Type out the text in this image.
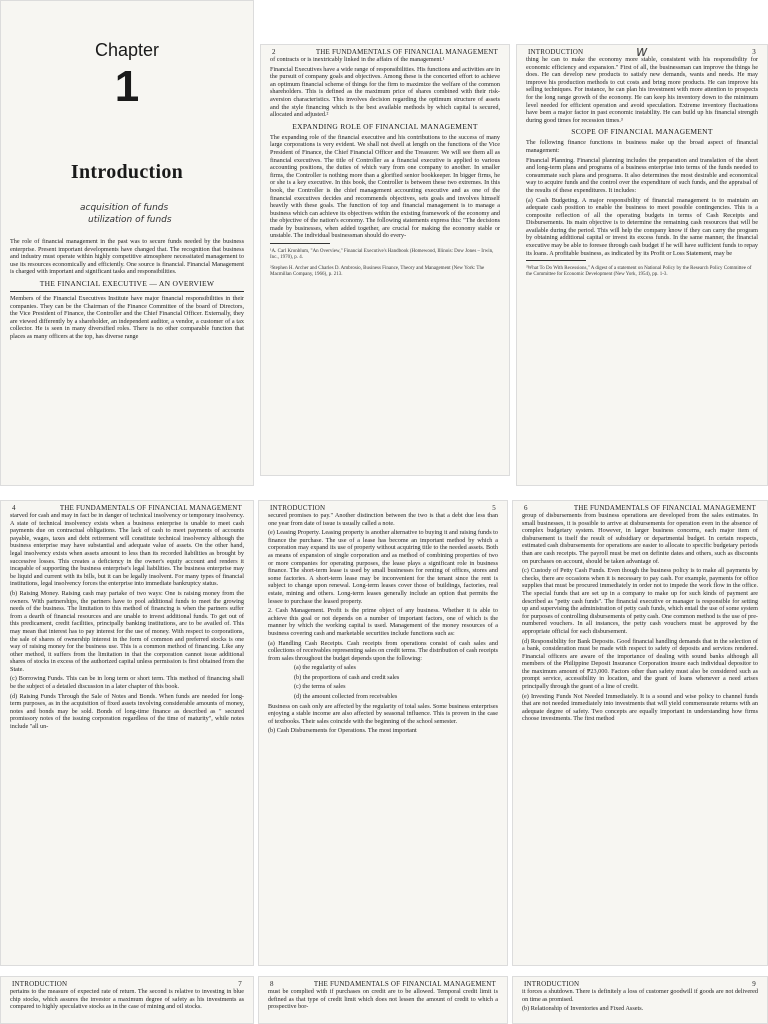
Chapter
1
Introduction
acquisition of funds
utilization of funds

The role of financial management in the past was to secure funds needed by the business enterprise. Present important developments have changed that. The recognition that business and industry must operate within highly competitive atmosphere necessitated management to use its resources economically and efficiently. One source is financial. Financial Management is charged with important and significant tasks and responsibilities.

THE FINANCIAL EXECUTIVE — AN OVERVIEW

Members of the Financial Executives Institute have major financial responsibilities in their companies. They can be the Chairman of the Finance Committee of the board of Directors, the Vice President of Finance, the Controller and the Chief Financial Officer. Externally, they are viewed differently by a shareholder, an independent auditor, a vendor, a customer of a tax collector. He is seen in many diversified roles. There is no other comparable function that places as many officers at the top, has diverse range

2	THE FUNDAMENTALS OF FINANCIAL MANAGEMENT

of contracts or is inextricably linked in the affairs of the management.¹

Financial Executives have a wide range of responsibilities. His functions and activities are in the pursuit of company goals and objectives. Among these is the concerted effort to achieve an optimum financial scheme of things for the firm to maximize the welfare of the common shareholders. This is defined as the maximum price of shares combined with their risk-aversion characteristics. This involves decision regarding the optimum structure of assets and the style financing which is the best available methods by which capital is secured, allocated and adjusted.²

EXPANDING ROLE OF FINANCIAL MANAGEMENT

The expanding role of the financial executive and his contributions to the success of many large corporations is very evident. We shall not dwell at length on the functions of the Vice President of Finance, the Chief Financial Officer and the Treasurer. We will see them all as financial executives. The title of Controller as a financial executive is applied to various accounting positions, the duties of which vary from one company to another. In smaller firms, the Controller is nothing more than a glorified senior bookkeeper. In bigger firms, he or she is a key executive. In this book, the Controller is between these two extremes. In this book, the Controller is the chief management accounting executive and as one of the financial executives decides and recommends objectives, sets goals and involves himself heavily with these goals. The function of top and financial management is to manage a business which can achieve its objectives within the existing framework of the economy and the objective of the nation's economy. The following statements express this: "The decisions made by businesses, when added together, are crucial for making the economy stable or unstable. The individual businessman should do every-

¹A. Carl Kronblum, "An Overview," Financial Executive's Handbook (Homewood, Illinois: Dow Jones – Irwin, Inc., 1970), p. 4.

²Stephen H. Archer and Charles D. Ambrosio, Business Finance, Theory and Management (New York: The Macmillan Company, 1966), p. 213.

INTRODUCTION	3
w

thing he can to make the economy more stable, consistent with his responsibility for economic efficiency and expansion." First of all, the businessman can improve the things he does. He can develop new products to satisfy new demands, wants and needs. He may improve his production methods to cut costs and bring more products. He can improve his selling techniques. For instance, he can plan his investment with more attention to prospects for the long range growth of the economy. He can keep his inventory down to the minimum level needed for efficient operation and avoid speculation. Extreme inventory fluctuations have been a major factor in past economic instability. He can build up his financial strength during good times for recession times.³

SCOPE OF FINANCIAL MANAGEMENT

The following finance functions in business make up the broad aspect of financial management:

Financial Planning. Financial planning includes the preparation and translation of the short and long-term plans and programs of a business enterprise into terms of the funds needed to consummate such plans and programs. It also determines the most desirable and economical way to acquire funds and the control over the expenditure of such funds, and the appraisal of the results of these expenditures. It includes:

(a) Cash Budgeting. A major responsibility of financial management is to maintain an adequate cash position to enable the business to meet possible contingencies. This is a composite reflection of all the operating budgets in terms of Cash Receipts and Disbursements. Its main objective is to determine the remaining cash resources that will be available during the period. This will help the company know if they can carry the program by obtaining additional capital or invest its excess funds. In the same manner, the financial executive may be able to foresee through cash budget if he will have sufficient funds to repay its loans. A profitable business, as indicated by its Profit or Loss Statement, may be

³What To Do With Recessions," A digest of a statement on National Policy by the Research Policy Committee of the Committee for Economic Development (New York, 1954), pp. 1-3.

4	THE FUNDAMENTALS OF FINANCIAL MANAGEMENT

starved for cash and may in fact be in danger of technical insolvency or temporary insolvency. A state of technical insolvency exists when a business enterprise is unable to meet cash payments due on contractual obligations. The lack of cash to meet payments of accounts payable, wages, taxes and debt retirement will constitute technical insolvency although the business enterprise may have substantial and adequate value of assets. On the other hand, legal insolvency exists when assets amount to less than its recorded liabilities as brought by successive losses. This creates a deficiency in the owner's equity account and renders it incapable of supporting the business enterprise's legal liabilities. The business enterprise may be liquid and current with its bills, but it can be legally insolvent. For many types of financial institutions, legal insolvency forces the enterprise into immediate bankruptcy status.

(b) Raising Money. Raising cash may partake of two ways: One is raising money from the owners. With partnerships, the partners have to pool additional funds to meet the growing needs of the business. The limitation to this method of financing is when the partners suffer from a dearth of financial resources and are unable to invest additional funds. To get out of this predicament, credit facilities, principally banking institutions, are to be availed of. This may mean that interest has to pay interest for the use of money. With respect to corporations, the sale of shares of ownership interest in the form of common and preferred stocks is one way of raising money for the business use. This is a common method of financing. Like any other method, it suffers from the limitation in that the corporation cannot issue additional shares of stocks in excess of the authorized capital unless permission is first obtained from the State.

(c) Borrowing Funds. This can be in long term or short term. This method of financing shall be the subject of a detailed discussion in a later chapter of this book.

(d) Raising Funds Through the Sale of Notes and Bonds. When funds are needed for long-term purposes, as in the acquisition of fixed assets involving considerable amounts of money, notes and bonds may be sold. Bonds of long-time finance as described as " secured promissory notes of the issuing corporation regardless of the time of maturity", while notes include "all un-

INTRODUCTION	5

secured promises to pay." Another distinction between the two is that a debt due less than one year from date of issue is usually called a note.

(e) Leasing Property. Leasing property is another alternative to buying it and raising funds to finance the purchase. The use of a lease has become an important method by which a corporation may expand its use of property without acquiring title to the needed assets. Both as means of expansion of single corporation and as method of combining properties of two or more companies for operating purposes, the lease plays a significant role in business finance. The short-term lease is used by small businesses for renting of offices, stores and some factories. A short-term lease may be inconvenient for the tenant since the rent is subject to change upon renewal. Long-term leases cover those of buildings, factories, real estate, mining and others. Long-term leases generally include an option that permits the lessee to purchase the leased property.

2. Cash Management. Profit is the prime object of any business. Whether it is able to achieve this goal or not depends on a number of important factors, one of which is the manner by which the working capital is used. Management of the money resources of a business covering cash and marketable securities include functions such as:

(a) Handling Cash Receipts. Cash receipts from operations consist of cash sales and collections of receivables representing sales on credit terms. The distribution of cash receipts from sales throughout the budget depends upon the following:

(a) the regularity of sales
(b) the proportions of cash and credit sales
(c) the terms of sales
(d) the amount collected from receivables

Business on cash only are affected by the regularity of total sales. Some business enterprises enjoying a stable income are also affected by seasonal influence. This is proven in the case of textbooks. Their sales coincide with the beginning of the school semester.

(b) Cash Disbursements for Operations. The most important

6	THE FUNDAMENTALS OF FINANCIAL MANAGEMENT

group of disbursements from business operations are developed from the sales estimates. In small businesses, it is possible to arrive at disbursements for operation even in the absence of complex budgetary system. However, in larger business concerns, each major item of disbursement is itself the result of subsidiary or departmental budget. In certain respects, estimated cash disbursements for operations are easier to allocate to specific budgetary periods than are cash receipts. The payroll must be met on definite dates and others, such as discounts on purchases on account, should be taken advantage of.

(c) Custody of Petty Cash Funds. Even though the business policy is to make all payments by checks, there are occasions when it is necessary to pay cash. For example, payments for office supplies that must be procured immediately in order not to impede the work flow in the office. The special funds that are set up in a company to make up for such kinds of payment are described as "petty cash funds". The financial executive or manager is responsible for setting up and supervising the administration of petty cash funds, which entail the use of some system for purposes of controlling disbursements of petty cash. One common method is the use of pre-numbered vouchers. In all instances, the petty cash vouchers must be approved by the appropriate official for each disbursement.

(d) Responsibility for Bank Deposits. Good financial handling demands that in the selection of a bank, consideration must be made with respect to safety of deposits and services rendered. Financial officers are aware of the importance of dealing with sound banks although all members of the Philippine Deposit Insurance Corporation insure each individual depositor to the maximum amount of ₱23,000. Factors other than safety must also be considered such as prompt service, accessibility in location, and the grant of loans whenever a need arises principally through the grant of a line of credit.

(e) Investing Funds Not Needed Immediately. It is a sound and wise policy to channel funds that are not needed immediately into investments that will yield commensurate returns with an adequate degree of safety. Two concepts are equally important in understanding how firms choose investments. The first method

INTRODUCTION	7

pertains to the measure of expected rate of return. The second is relative to investing in blue chip stocks, which assures the investor a maximum degree of safety as his investments as compared to highly speculative stocks as in the case of mining and oil stocks.

8	THE FUNDAMENTALS OF FINANCIAL MANAGEMENT

must be complied with if purchases on credit are to be allowed. Temporal credit limit is defined as that type of credit limit which does not lessen the amount of credit to which a prospective bor-

INTRODUCTION	9

it forces a shutdown. There is definitely a loss of customer goodwill if goods are not delivered on time as promised.

(b) Relationship of Inventories and Fixed Assets.
